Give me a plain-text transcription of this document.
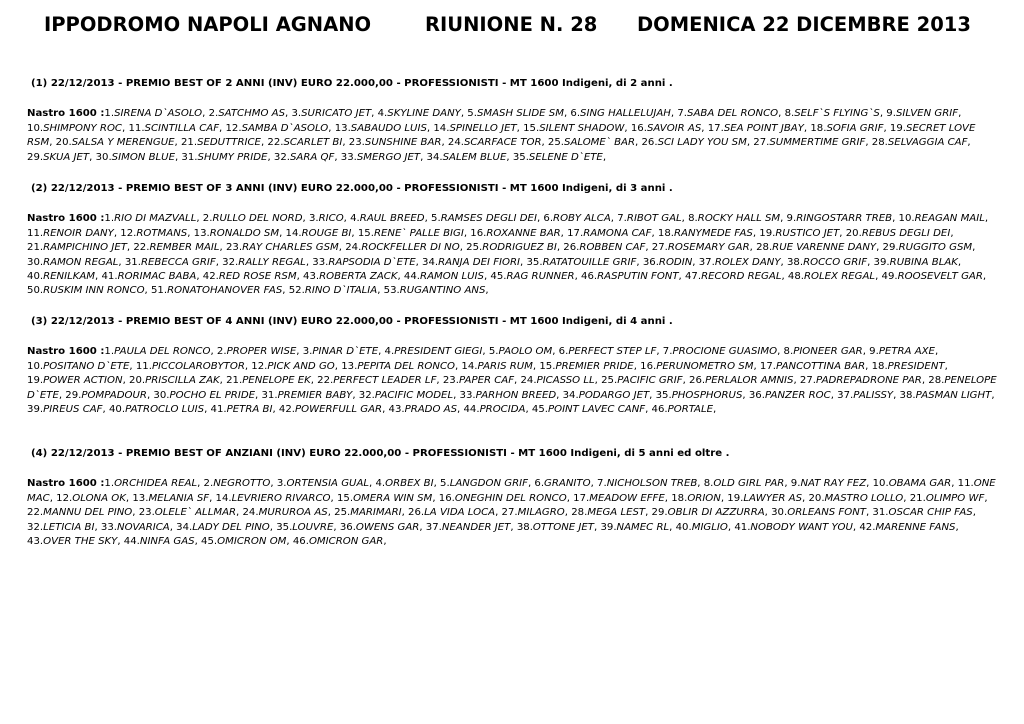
IPPODROMO NAPOLI AGNANO	RIUNIONE N. 28 DOMENICA 22 DICEMBRE 2013
(1) 22/12/2013 - PREMIO BEST OF 2 ANNI (INV) EURO 22.000,00 - PROFESSIONISTI - MT 1600 Indigeni, di 2 anni .
Nastro 1600 :1.SIRENA D`ASOLO, 2.SATCHMO AS, 3.SURICATO JET, 4.SKYLINE DANY, 5.SMASH SLIDE SM, 6.SING HALLELUJAH, 7.SABA DEL RONCO, 8.SELF`S FLYING`S, 9.SILVEN GRIF, 10.SHIMPONY ROC, 11.SCINTILLA CAF, 12.SAMBA D`ASOLO, 13.SABAUDO LUIS, 14.SPINELLO JET, 15.SILENT SHADOW, 16.SAVOIR AS, 17.SEA POINT JBAY, 18.SOFIA GRIF, 19.SECRET LOVE RSM, 20.SALSA Y MERENGUE, 21.SEDUTTRICE, 22.SCARLET BI, 23.SUNSHINE BAR, 24.SCARFACE TOR, 25.SALOME` BAR, 26.SCI LADY YOU SM, 27.SUMMERTIME GRIF, 28.SELVAGGIA CAF, 29.SKUA JET, 30.SIMON BLUE, 31.SHUMY PRIDE, 32.SARA QF, 33.SMERGO JET, 34.SALEM BLUE, 35.SELENE D`ETE,
(2) 22/12/2013 - PREMIO BEST OF 3 ANNI (INV) EURO 22.000,00 - PROFESSIONISTI - MT 1600 Indigeni, di 3 anni .
Nastro 1600 :1.RIO DI MAZVALL, 2.RULLO DEL NORD, 3.RICO, 4.RAUL BREED, 5.RAMSES DEGLI DEI, 6.ROBY ALCA, 7.RIBOT GAL, 8.ROCKY HALL SM, 9.RINGOSTARR TREB, 10.REAGAN MAIL, 11.RENOIR DANY, 12.ROTMANS, 13.RONALDO SM, 14.ROUGE BI, 15.RENE` PALLE BIGI, 16.ROXANNE BAR, 17.RAMONA CAF, 18.RANYMEDE FAS, 19.RUSTICO JET, 20.REBUS DEGLI DEI, 21.RAMPICHINO JET, 22.REMBER MAIL, 23.RAY CHARLES GSM, 24.ROCKFELLER DI NO, 25.RODRIGUEZ BI, 26.ROBBEN CAF, 27.ROSEMARY GAR, 28.RUE VARENNE DANY, 29.RUGGITO GSM, 30.RAMON REGAL, 31.REBECCA GRIF, 32.RALLY REGAL, 33.RAPSODIA D`ETE, 34.RANJA DEI FIORI, 35.RATATOUILLE GRIF, 36.RODIN, 37.ROLEX DANY, 38.ROCCO GRIF, 39.RUBINA BLAK, 40.RENILKAM, 41.RORIMAC BABA, 42.RED ROSE RSM, 43.ROBERTA ZACK, 44.RAMON LUIS, 45.RAG RUNNER, 46.RASPUTIN FONT, 47.RECORD REGAL, 48.ROLEX REGAL, 49.ROOSEVELT GAR, 50.RUSKIM INN RONCO, 51.RONATOHANOVER FAS, 52.RINO D`ITALIA, 53.RUGANTINO ANS,
(3) 22/12/2013 - PREMIO BEST OF 4 ANNI (INV) EURO 22.000,00 - PROFESSIONISTI - MT 1600 Indigeni, di 4 anni .
Nastro 1600 :1.PAULA DEL RONCO, 2.PROPER WISE, 3.PINAR D`ETE, 4.PRESIDENT GIEGI, 5.PAOLO OM, 6.PERFECT STEP LF, 7.PROCIONE GUASIMO, 8.PIONEER GAR, 9.PETRA AXE, 10.POSITANO D`ETE, 11.PICCOLAROBYTOR, 12.PICK AND GO, 13.PEPITA DEL RONCO, 14.PARIS RUM, 15.PREMIER PRIDE, 16.PERUNOMETRO SM, 17.PANCOTTINA BAR, 18.PRESIDENT, 19.POWER ACTION, 20.PRISCILLA ZAK, 21.PENELOPE EK, 22.PERFECT LEADER LF, 23.PAPER CAF, 24.PICASSO LL, 25.PACIFIC GRIF, 26.PERLALOR AMNIS, 27.PADREPADRONE PAR, 28.PENELOPE D`ETE, 29.POMPADOUR, 30.POCHO EL PRIDE, 31.PREMIER BABY, 32.PACIFIC MODEL, 33.PARHON BREED, 34.PODARGO JET, 35.PHOSPHORUS, 36.PANZER ROC, 37.PALISSY, 38.PASMAN LIGHT, 39.PIREUS CAF, 40.PATROCLO LUIS, 41.PETRA BI, 42.POWERFULL GAR, 43.PRADO AS, 44.PROCIDA, 45.POINT LAVEC CANF, 46.PORTALE,
(4) 22/12/2013 - PREMIO BEST OF ANZIANI (INV) EURO 22.000,00 - PROFESSIONISTI - MT 1600 Indigeni, di 5 anni ed oltre .
Nastro 1600 :1.ORCHIDEA REAL, 2.NEGROTTO, 3.ORTENSIA GUAL, 4.ORBEX BI, 5.LANGDON GRIF, 6.GRANITO, 7.NICHOLSON TREB, 8.OLD GIRL PAR, 9.NAT RAY FEZ, 10.OBAMA GAR, 11.ONE MAC, 12.OLONA OK, 13.MELANIA SF, 14.LEVRIERO RIVARCO, 15.OMERA WIN SM, 16.ONEGHIN DEL RONCO, 17.MEADOW EFFE, 18.ORION, 19.LAWYER AS, 20.MASTRO LOLLO, 21.OLIMPO WF, 22.MANNU DEL PINO, 23.OLELE` ALLMAR, 24.MURUROA AS, 25.MARIMARI, 26.LA VIDA LOCA, 27.MILAGRO, 28.MEGA LEST, 29.OBLIR DI AZZURRA, 30.ORLEANS FONT, 31.OSCAR CHIP FAS, 32.LETICIA BI, 33.NOVARICA, 34.LADY DEL PINO, 35.LOUVRE, 36.OWENS GAR, 37.NEANDER JET, 38.OTTONE JET, 39.NAMEC RL, 40.MIGLIO, 41.NOBODY WANT YOU, 42.MARENNE FANS, 43.OVER THE SKY, 44.NINFA GAS, 45.OMICRON OM, 46.OMICRON GAR,
